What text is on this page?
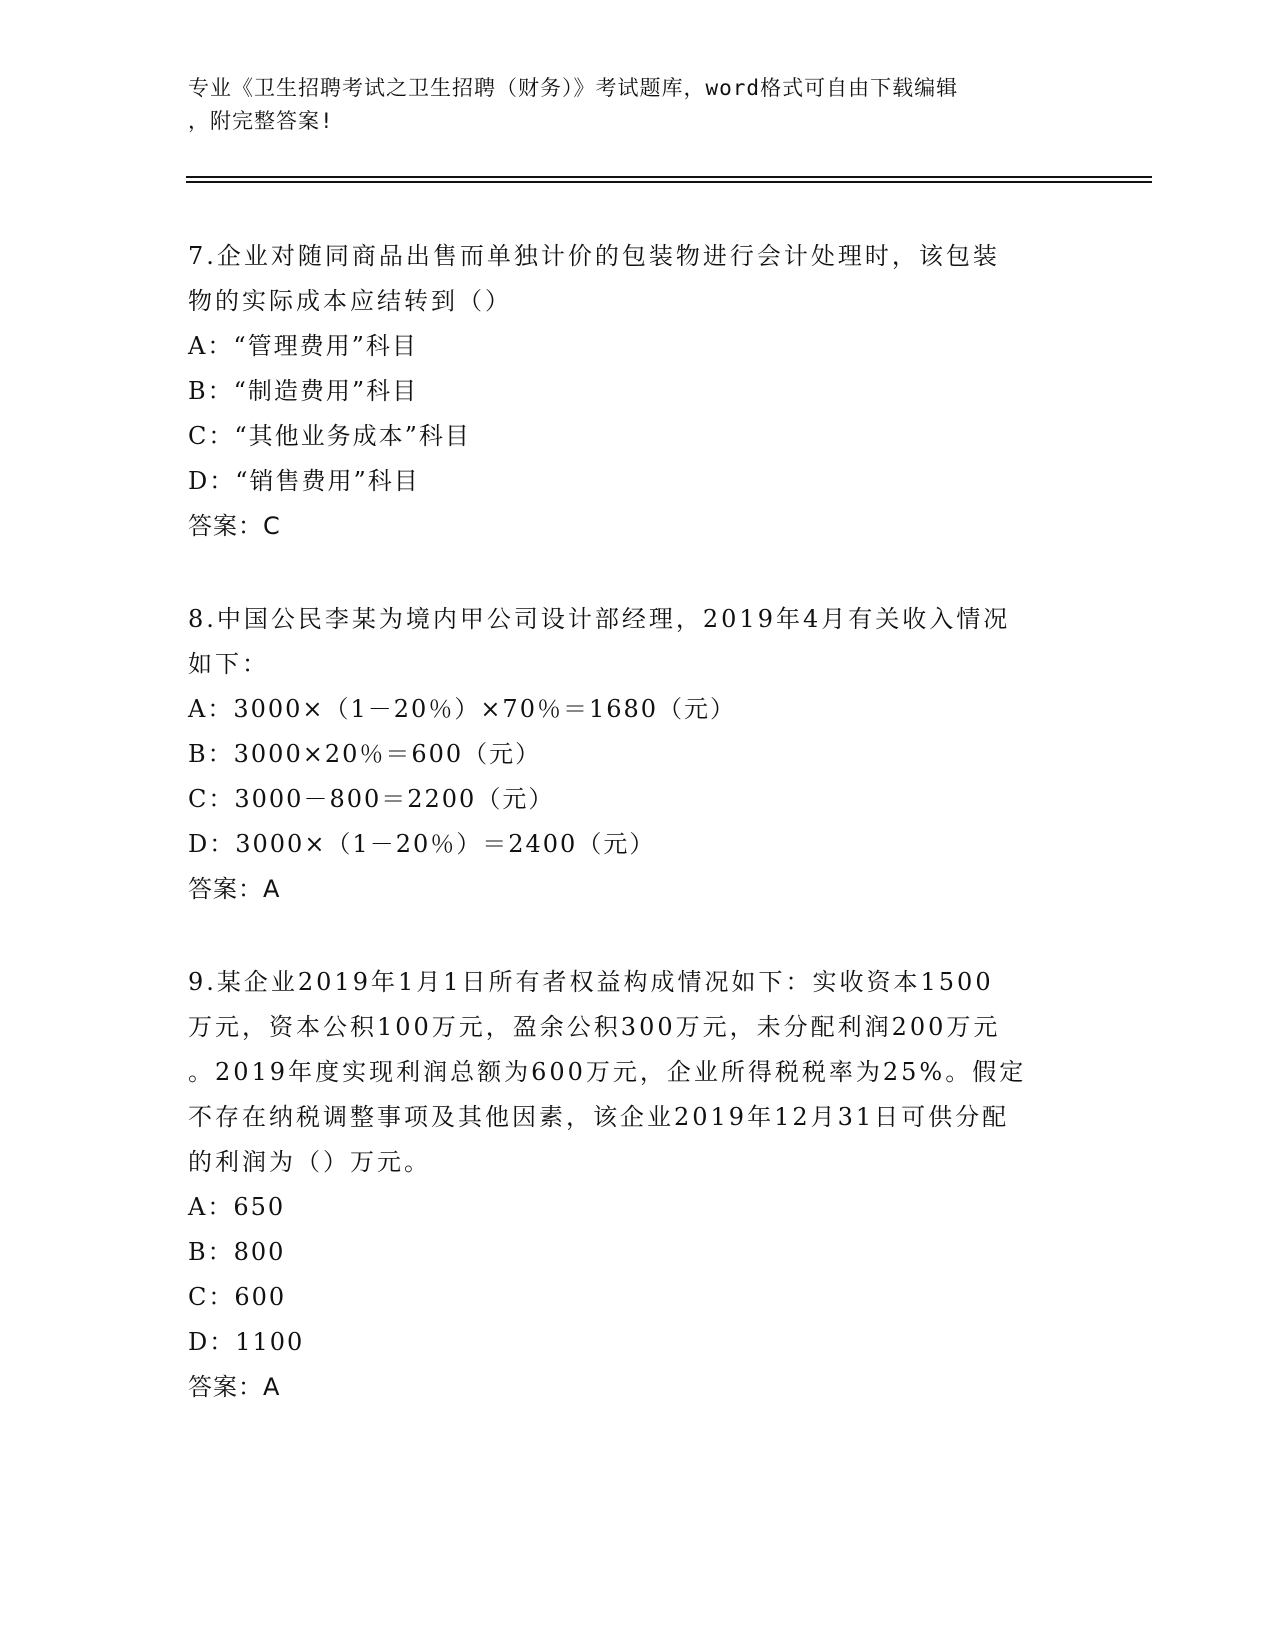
专业《卫生招聘考试之卫生招聘（财务）》考试题库，word格式可自由下载编辑
，附完整答案!
7.企业对随同商品出售而单独计价的包装物进行会计处理时，该包装
物的实际成本应结转到（）
A：“管理费用”科目
B：“制造费用”科目
C：“其他业务成本”科目
D：“销售费用”科目
答案：C
8.中国公民李某为境内甲公司设计部经理，2019年4月有关收入情况
如下：
A：3000×（1－20％）×70％＝1680（元）
B：3000×20％＝600（元）
C：3000－800＝2200（元）
D：3000×（1－20％）＝2400（元）
答案：A
9.某企业2019年1月1日所有者权益构成情况如下：实收资本1500
万元，资本公积100万元，盈余公积300万元，未分配利润200万元
。2019年度实现利润总额为600万元，企业所得税税率为25%。假定
不存在纳税调整事项及其他因素，该企业2019年12月31日可供分配
的利润为（）万元。
A：650
B：800
C：600
D：1100
答案：A
